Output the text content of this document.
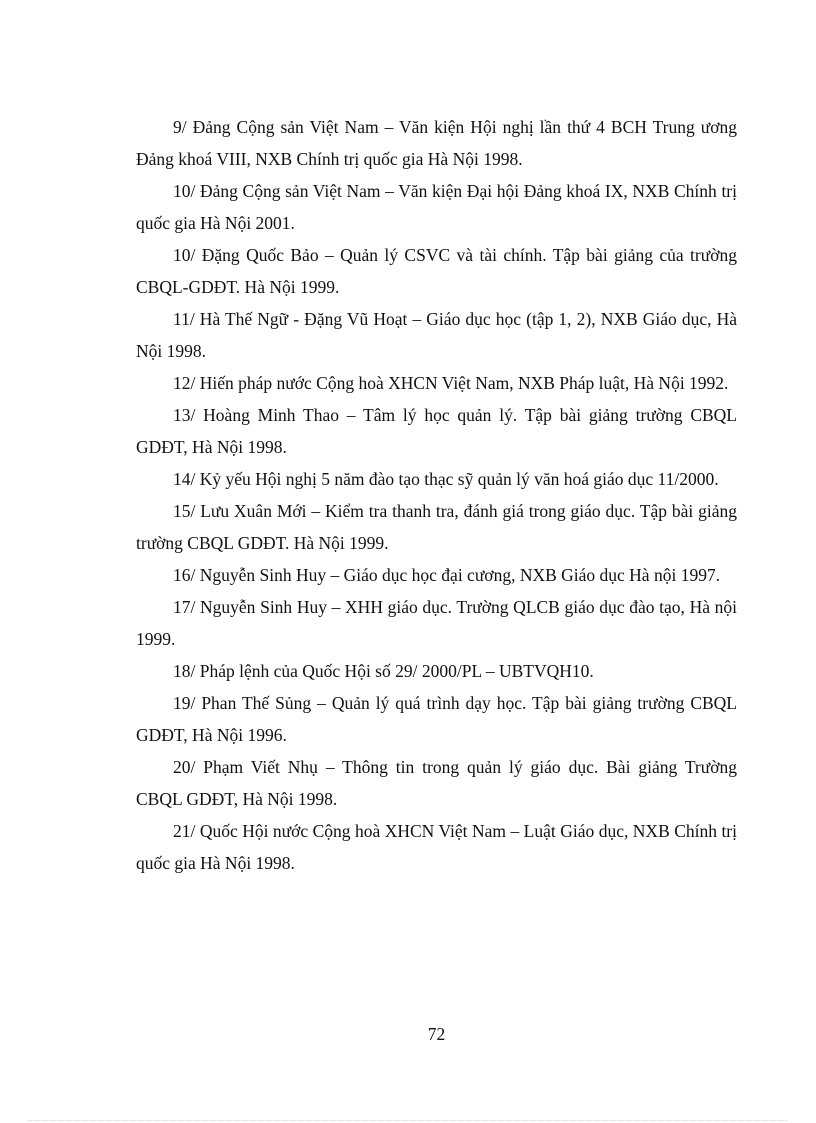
9/ Đảng Cộng sản Việt Nam – Văn kiện Hội nghị lần thứ 4 BCH Trung ương Đảng khoá VIII, NXB Chính trị quốc gia Hà Nội 1998.

10/ Đảng Cộng sản Việt Nam – Văn kiện Đại hội Đảng khoá IX, NXB Chính trị quốc gia Hà Nội 2001.

10/ Đặng Quốc Bảo – Quản lý CSVC và tài chính. Tập bài giảng của trường CBQL-GDĐT. Hà Nội 1999.

11/ Hà Thế Ngữ - Đặng Vũ Hoạt – Giáo dục học (tập 1, 2), NXB Giáo dục, Hà Nội 1998.

12/ Hiến pháp nước Cộng hoà XHCN Việt Nam, NXB Pháp luật, Hà Nội 1992.

13/ Hoàng Minh Thao – Tâm lý học quản lý. Tập bài giảng trường CBQL GDĐT, Hà Nội 1998.

14/ Kỷ yếu Hội nghị 5 năm đào tạo thạc sỹ quản lý văn hoá giáo dục 11/2000.

15/ Lưu Xuân Mới – Kiểm tra thanh tra, đánh giá trong giáo dục. Tập bài giảng trường CBQL GDĐT. Hà Nội 1999.

16/ Nguyễn Sinh Huy – Giáo dục học đại cương, NXB Giáo dục Hà nội 1997.

17/ Nguyễn Sinh Huy – XHH giáo dục. Trường QLCB giáo dục đào tạo, Hà nội 1999.

18/ Pháp lệnh của Quốc Hội số 29/ 2000/PL – UBTVQH10.

19/ Phan Thế Sủng – Quản lý quá trình dạy học. Tập bài giảng trường CBQL GDĐT, Hà Nội 1996.

20/ Phạm Viết Nhụ – Thông tin trong quản lý giáo dục. Bài giảng Trường CBQL GDĐT, Hà Nội 1998.

21/ Quốc Hội nước Cộng hoà XHCN Việt Nam – Luật Giáo dục, NXB Chính trị quốc gia Hà Nội 1998.

72
